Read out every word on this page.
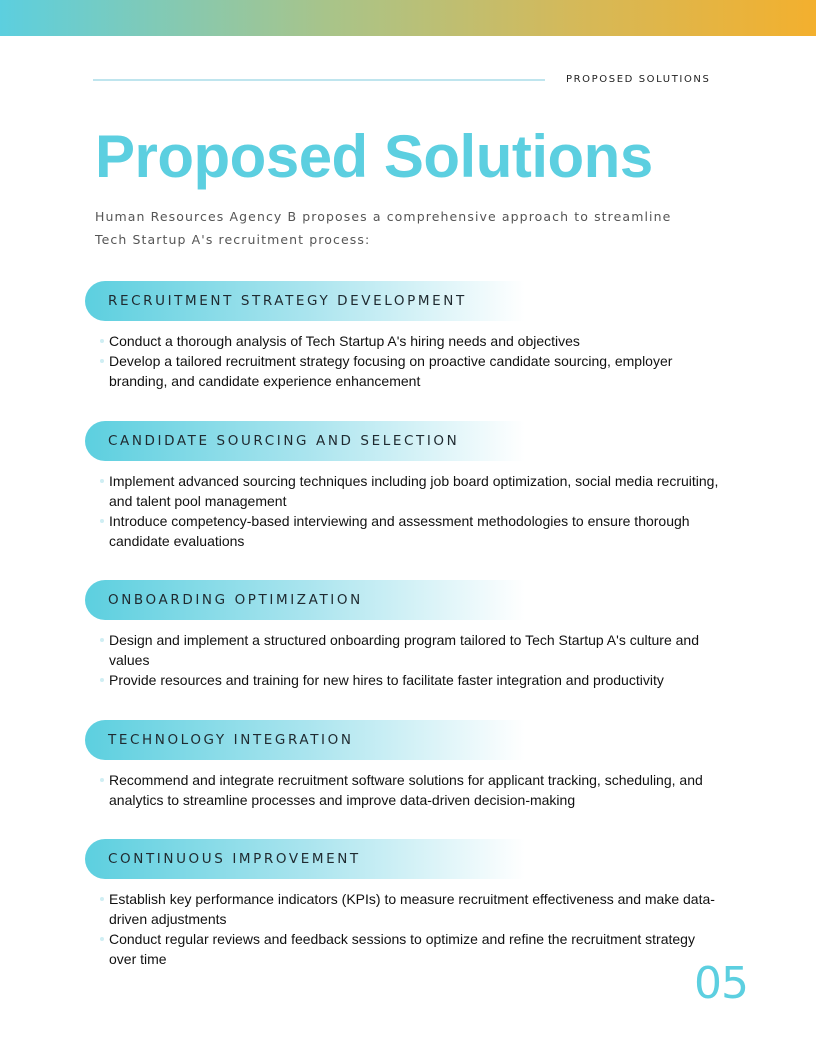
PROPOSED SOLUTIONS
Proposed Solutions
Human Resources Agency B proposes a comprehensive approach to streamline Tech Startup A's recruitment process:
RECRUITMENT STRATEGY DEVELOPMENT
Conduct a thorough analysis of Tech Startup A's hiring needs and objectives
Develop a tailored recruitment strategy focusing on proactive candidate sourcing, employer branding, and candidate experience enhancement
CANDIDATE SOURCING AND SELECTION
Implement advanced sourcing techniques including job board optimization, social media recruiting, and talent pool management
Introduce competency-based interviewing and assessment methodologies to ensure thorough candidate evaluations
ONBOARDING OPTIMIZATION
Design and implement a structured onboarding program tailored to Tech Startup A's culture and values
Provide resources and training for new hires to facilitate faster integration and productivity
TECHNOLOGY INTEGRATION
Recommend and integrate recruitment software solutions for applicant tracking, scheduling, and analytics to streamline processes and improve data-driven decision-making
CONTINUOUS IMPROVEMENT
Establish key performance indicators (KPIs) to measure recruitment effectiveness and make data-driven adjustments
Conduct regular reviews and feedback sessions to optimize and refine the recruitment strategy over time	05
